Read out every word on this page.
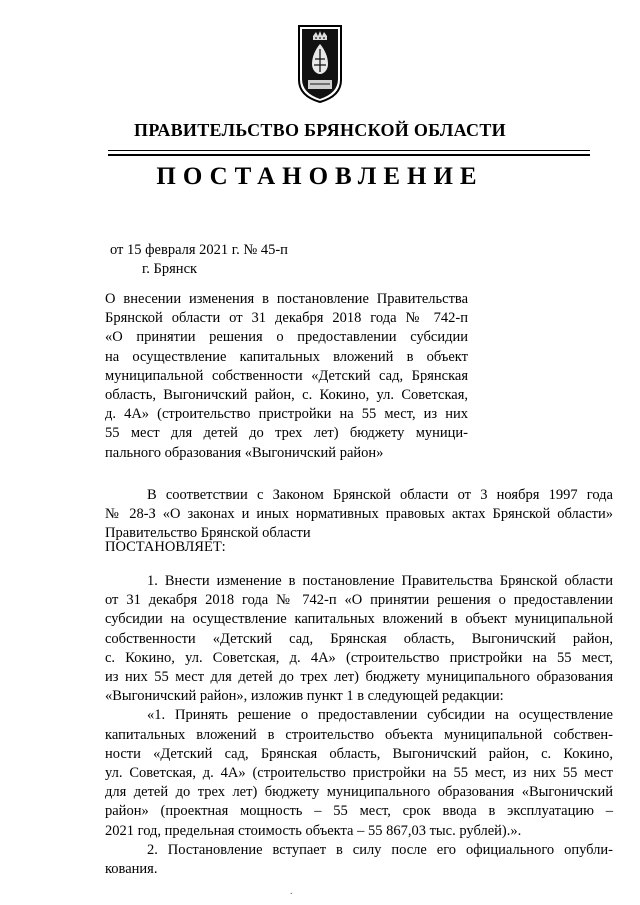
ПРАВИТЕЛЬСТВО БРЯНСКОЙ ОБЛАСТИ
ПОСТАНОВЛЕНИЕ
от 15 февраля 2021 г. № 45-п
г. Брянск
О внесении изменения в постановление Правительства
Брянской области от 31 декабря 2018 года № 742-п
«О принятии решения о предоставлении субсидии
на осуществление капитальных вложений в объект
муниципальной собственности «Детский сад, Брянская
область, Выгоничский район, с. Кокино, ул. Советская,
д. 4А» (строительство пристройки на 55 мест, из них
55 мест для детей до трех лет) бюджету муници-
пального образования «Выгоничский район»
В соответствии с Законом Брянской области от 3 ноября 1997 года
№ 28-З «О законах и иных нормативных правовых актах Брянской области»
Правительство Брянской области
ПОСТАНОВЛЯЕТ:
1. Внести изменение в постановление Правительства Брянской области
от 31 декабря 2018 года № 742-п «О принятии решения о предоставлении
субсидии на осуществление капитальных вложений в объект муниципальной
собственности «Детский сад, Брянская область, Выгоничский район,
с. Кокино, ул. Советская, д. 4А» (строительство пристройки на 55 мест,
из них 55 мест для детей до трех лет) бюджету муниципального образования
«Выгоничский район», изложив пункт 1 в следующей редакции:
«1. Принять решение о предоставлении субсидии на осуществление
капитальных вложений в строительство объекта муниципальной собствен-
ности «Детский сад, Брянская область, Выгоничский район, с. Кокино,
ул. Советская, д. 4А» (строительство пристройки на 55 мест, из них 55 мест
для детей до трех лет) бюджету муниципального образования «Выгоничский
район» (проектная мощность – 55 мест, срок ввода в эксплуатацию –
2021 год, предельная стоимость объекта – 55 867,03 тыс. рублей).».
2. Постановление вступает в силу после его официального опубли-
кования.
.
